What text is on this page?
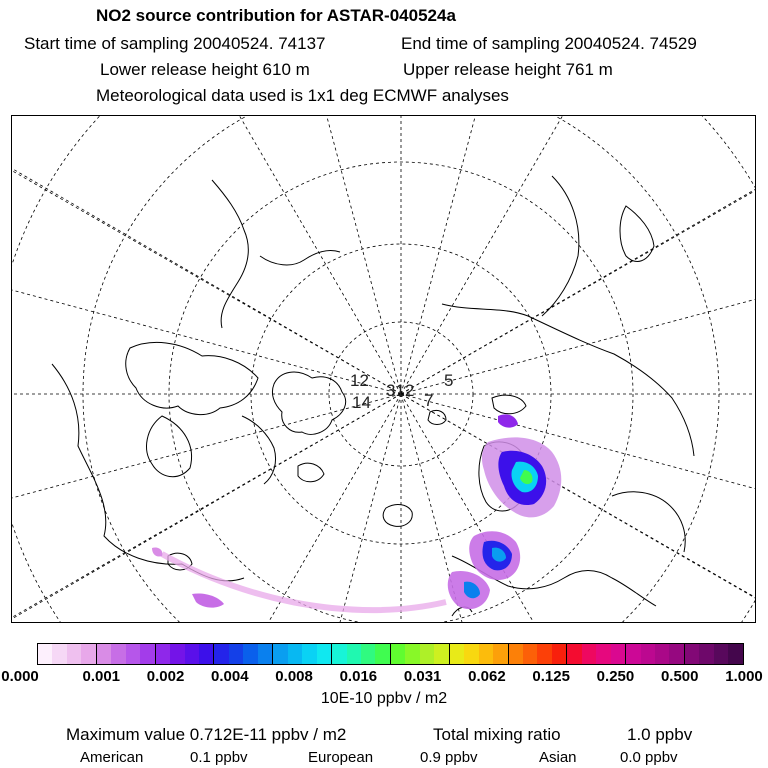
NO2 source contribution for ASTAR-040524a
Start time of sampling 20040524. 74137	End time of sampling 20040524. 74529
Lower release height 610 m	Upper release height 761 m
Meteorological data used is 1x1 deg ECMWF analyses
12	5
312
7
14
0.000	0.001 0.002 0.004 0.008 0.016 0.031 0.062 0.125 0.250 0.500 1.000
10E-10 ppbv / m2
Maximum value 0.712E-11 ppbv / m2	Total mixing ratio	1.0 ppbv
American	0.1 ppbv	European	0.9 ppbv	Asian	0.0 ppbv
